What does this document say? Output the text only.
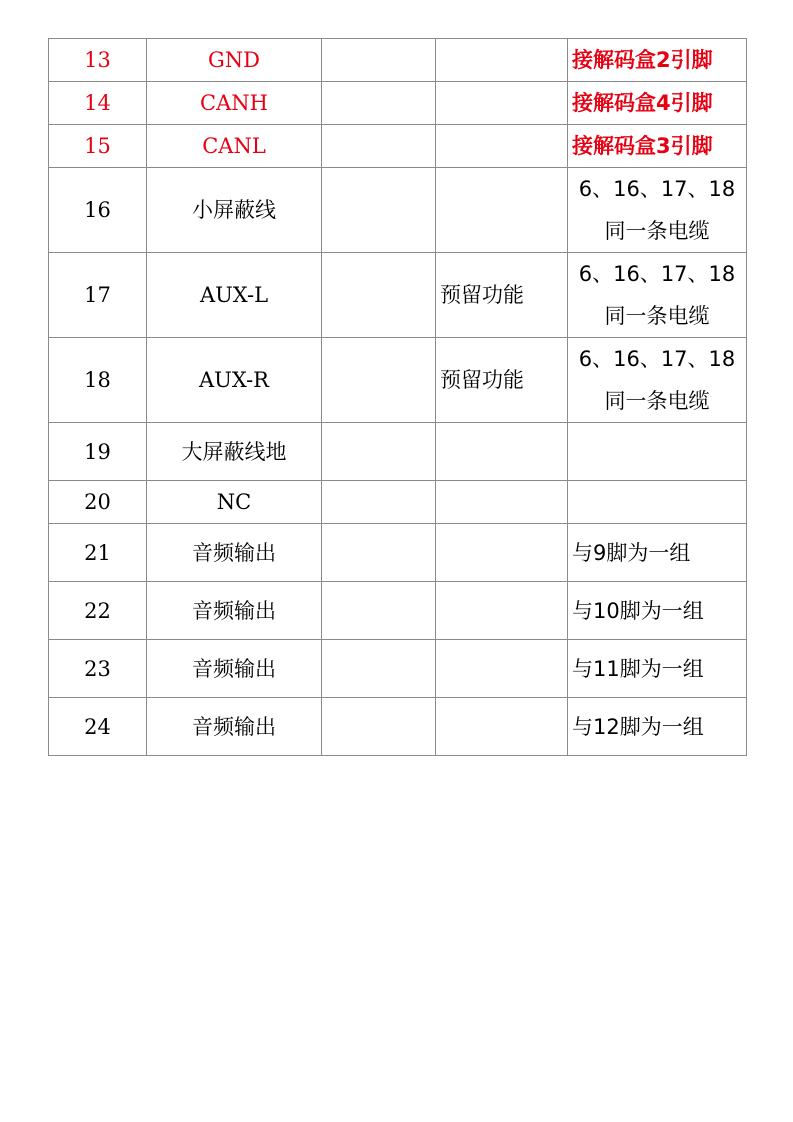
13	GND			接解码盒2引脚
14	CANH			接解码盒4引脚
15	CANL			接解码盒3引脚
16	小屏蔽线			6、16、17、18 同一条电缆
17	AUX-L		预留功能	6、16、17、18 同一条电缆
18	AUX-R		预留功能	6、16、17、18 同一条电缆
19	大屏蔽线地			
20	NC			
21	音频输出			与9脚为一组
22	音频输出			与10脚为一组
23	音频输出			与11脚为一组
24	音频输出			与12脚为一组
